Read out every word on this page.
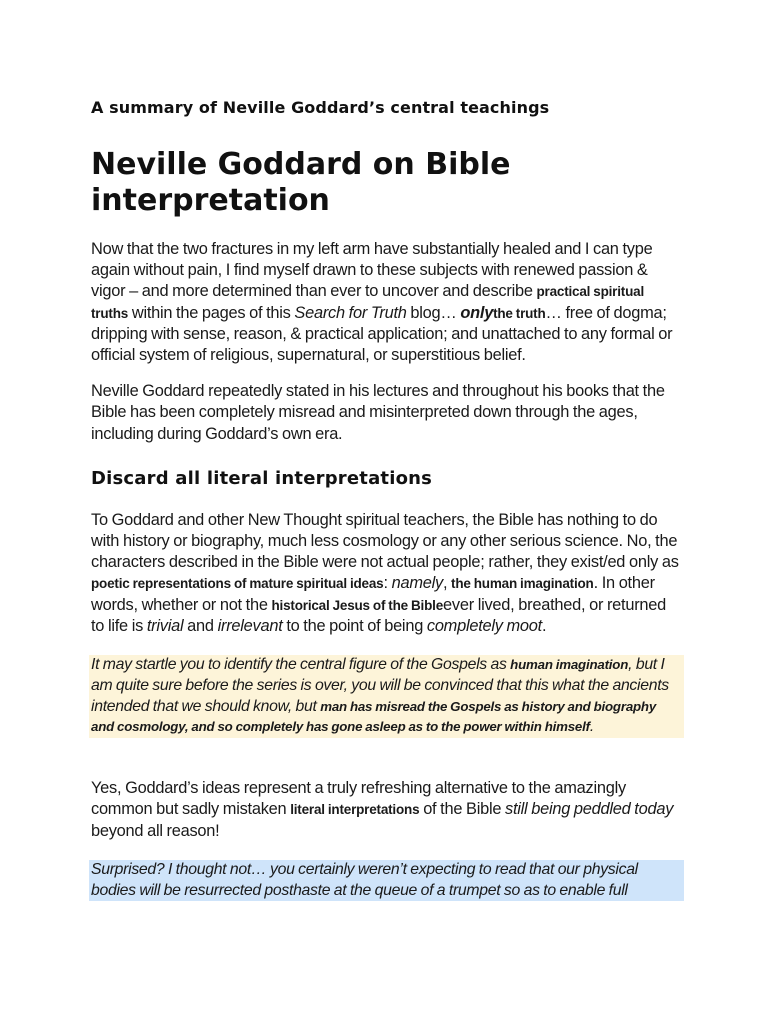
A summary of Neville Goddard’s central teachings
Neville Goddard on Bible interpretation

Now that the two fractures in my left arm have substantially healed and I can type again without pain, I find myself drawn to these subjects with renewed passion & vigor – and more determined than ever to uncover and describe practical spiritual truths within the pages of this Search for Truth blog… onlythe truth… free of dogma; dripping with sense, reason, & practical application; and unattached to any formal or official system of religious, supernatural, or superstitious belief.

Neville Goddard repeatedly stated in his lectures and throughout his books that the Bible has been completely misread and misinterpreted down through the ages, including during Goddard’s own era.

Discard all literal interpretations

To Goddard and other New Thought spiritual teachers, the Bible has nothing to do with history or biography, much less cosmology or any other serious science. No, the characters described in the Bible were not actual people; rather, they exist/ed only as poetic representations of mature spiritual ideas: namely, the human imagination. In other words, whether or not the historical Jesus of the Bibleever lived, breathed, or returned to life is trivial and irrelevant to the point of being completely moot.

It may startle you to identify the central figure of the Gospels as human imagination, but I am quite sure before the series is over, you will be convinced that this what the ancients intended that we should know, but man has misread the Gospels as history and biography and cosmology, and so completely has gone asleep as to the power within himself.

Yes, Goddard’s ideas represent a truly refreshing alternative to the amazingly common but sadly mistaken literal interpretations of the Bible still being peddled today beyond all reason!

Surprised? I thought not… you certainly weren’t expecting to read that our physical bodies will be resurrected posthaste at the queue of a trumpet so as to enable full
